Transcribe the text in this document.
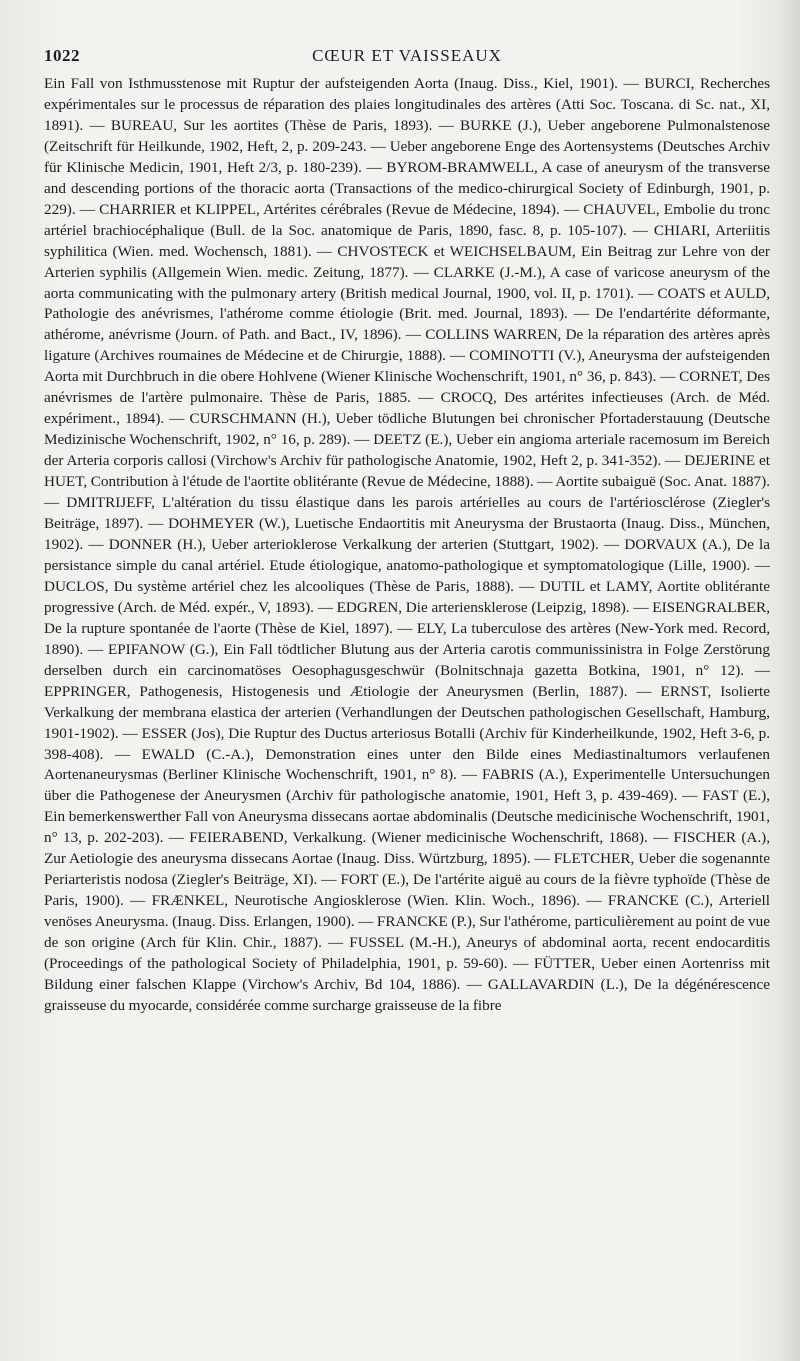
1022	CŒUR ET VAISSEAUX

Ein Fall von Isthmusstenose mit Ruptur der aufsteigenden Aorta (Inaug. Diss., Kiel, 1901). — BURCI, Recherches expérimentales sur le processus de réparation des plaies longitudinales des artères (Atti Soc. Toscana. di Sc. nat., XI, 1891). — BUREAU, Sur les aortites (Thèse de Paris, 1893). — BURKE (J.), Ueber angeborene Pulmonalstenose (Zeitschrift für Heilkunde, 1902, Heft, 2, p. 209-243. — Ueber angeborene Enge des Aortensystems (Deutsches Archiv für Klinische Medicin, 1901, Heft 2/3, p. 180-239). — BYROM-BRAMWELL, A case of aneurysm of the transverse and descending portions of the thoracic aorta (Transactions of the medico-chirurgical Society of Edinburgh, 1901, p. 229). — CHARRIER et KLIPPEL, Artérites cérébrales (Revue de Médecine, 1894). — CHAUVEL, Embolie du tronc artériel brachiocéphalique (Bull. de la Soc. anatomique de Paris, 1890, fasc. 8, p. 105-107). — CHIARI, Arteriitis syphilitica (Wien. med. Wochensch, 1881). — CHVOSTECK et WEICHSELBAUM, Ein Beitrag zur Lehre von der Arterien syphilis (Allgemein Wien. medic. Zeitung, 1877). — CLARKE (J.-M.), A case of varicose aneurysm of the aorta communicating with the pulmonary artery (British medical Journal, 1900, vol. II, p. 1701). — COATS et AULD, Pathologie des anévrismes, l'athérome comme étiologie (Brit. med. Journal, 1893). — De l'endartérite déformante, athérome, anévrisme (Journ. of Path. and Bact., IV, 1896). — COLLINS WARREN, De la réparation des artères après ligature (Archives roumaines de Médecine et de Chirurgie, 1888). — COMINOTTI (V.), Aneurysma der aufsteigenden Aorta mit Durchbruch in die obere Hohlvene (Wiener Klinische Wochenschrift, 1901, n° 36, p. 843). — CORNET, Des anévrismes de l'artère pulmonaire. Thèse de Paris, 1885. — CROCQ, Des artérites infectieuses (Arch. de Méd. expériment., 1894). — CURSCHMANN (H.), Ueber tödliche Blutungen bei chronischer Pfortaderstauung (Deutsche Medizinische Wochenschrift, 1902, n° 16, p. 289). — DEETZ (E.), Ueber ein angioma arteriale racemosum im Bereich der Arteria corporis callosi (Virchow's Archiv für pathologische Anatomie, 1902, Heft 2, p. 341-352). — DEJERINE et HUET, Contribution à l'étude de l'aortite oblitérante (Revue de Médecine, 1888). — Aortite subaiguë (Soc. Anat. 1887). — DMITRIJEFF, L'altération du tissu élastique dans les parois artérielles au cours de l'artériosclérose (Ziegler's Beiträge, 1897). — DOHMEYER (W.), Luetische Endaortitis mit Aneurysma der Brustaorta (Inaug. Diss., München, 1902). — DONNER (H.), Ueber arterioklerose Verkalkung der arterien (Stuttgart, 1902). — DORVAUX (A.), De la persistance simple du canal artériel. Etude étiologique, anatomo-pathologique et symptomatologique (Lille, 1900). — DUCLOS, Du système artériel chez les alcooliques (Thèse de Paris, 1888). — DUTIL et LAMY, Aortite oblitérante progressive (Arch. de Méd. expér., V, 1893). — EDGREN, Die arteriensklerose (Leipzig, 1898). — EISENGRALBER, De la rupture spontanée de l'aorte (Thèse de Kiel, 1897). — ELY, La tuberculose des artères (New-York med. Record, 1890). — EPIFANOW (G.), Ein Fall tödtlicher Blutung aus der Arteria carotis communissinistra in Folge Zerstörung derselben durch ein carcinomatöses Oesophagusgeschwür (Bolnitschnaja gazetta Botkina, 1901, n° 12). — EPPRINGER, Pathogenesis, Histogenesis und Ætiologie der Aneurysmen (Berlin, 1887). — ERNST, Isolierte Verkalkung der membrana elastica der arterien (Verhandlungen der Deutschen pathologischen Gesellschaft, Hamburg, 1901-1902). — ESSER (Jos), Die Ruptur des Ductus arteriosus Botalli (Archiv für Kinderheilkunde, 1902, Heft 3-6, p. 398-408). — EWALD (C.-A.), Demonstration eines unter den Bilde eines Mediastinaltumors verlaufenen Aortenaneurysmas (Berliner Klinische Wochenschrift, 1901, n° 8). — FABRIS (A.), Experimentelle Untersuchungen über die Pathogenese der Aneurysmen (Archiv für pathologische anatomie, 1901, Heft 3, p. 439-469). — FAST (E.), Ein bemerkenswerther Fall von Aneurysma dissecans aortae abdominalis (Deutsche medicinische Wochenschrift, 1901, n° 13, p. 202-203). — FEIERABEND, Verkalkung. (Wiener medicinische Wochenschrift, 1868). — FISCHER (A.), Zur Aetiologie des aneurysma dissecans Aortae (Inaug. Diss. Würtzburg, 1895). — FLETCHER, Ueber die sogenannte Periarteristis nodosa (Ziegler's Beiträge, XI). — FORT (E.), De l'artérite aiguë au cours de la fièvre typhoïde (Thèse de Paris, 1900). — FRÆNKEL, Neurotische Angiosklerose (Wien. Klin. Woch., 1896). — FRANCKE (C.), Arteriell venöses Aneurysma. (Inaug. Diss. Erlangen, 1900). — FRANCKE (P.), Sur l'athérome, particulièrement au point de vue de son origine (Arch für Klin. Chir., 1887). — FUSSEL (M.-H.), Aneurys of abdominal aorta, recent endocarditis (Proceedings of the pathological Society of Philadelphia, 1901, p. 59-60). — FÜTTER, Ueber einen Aortenriss mit Bildung einer falschen Klappe (Virchow's Archiv, Bd 104, 1886). — GALLAVARDIN (L.), De la dégénérescence graisseuse du myocarde, considérée comme surcharge graisseuse de la fibre
